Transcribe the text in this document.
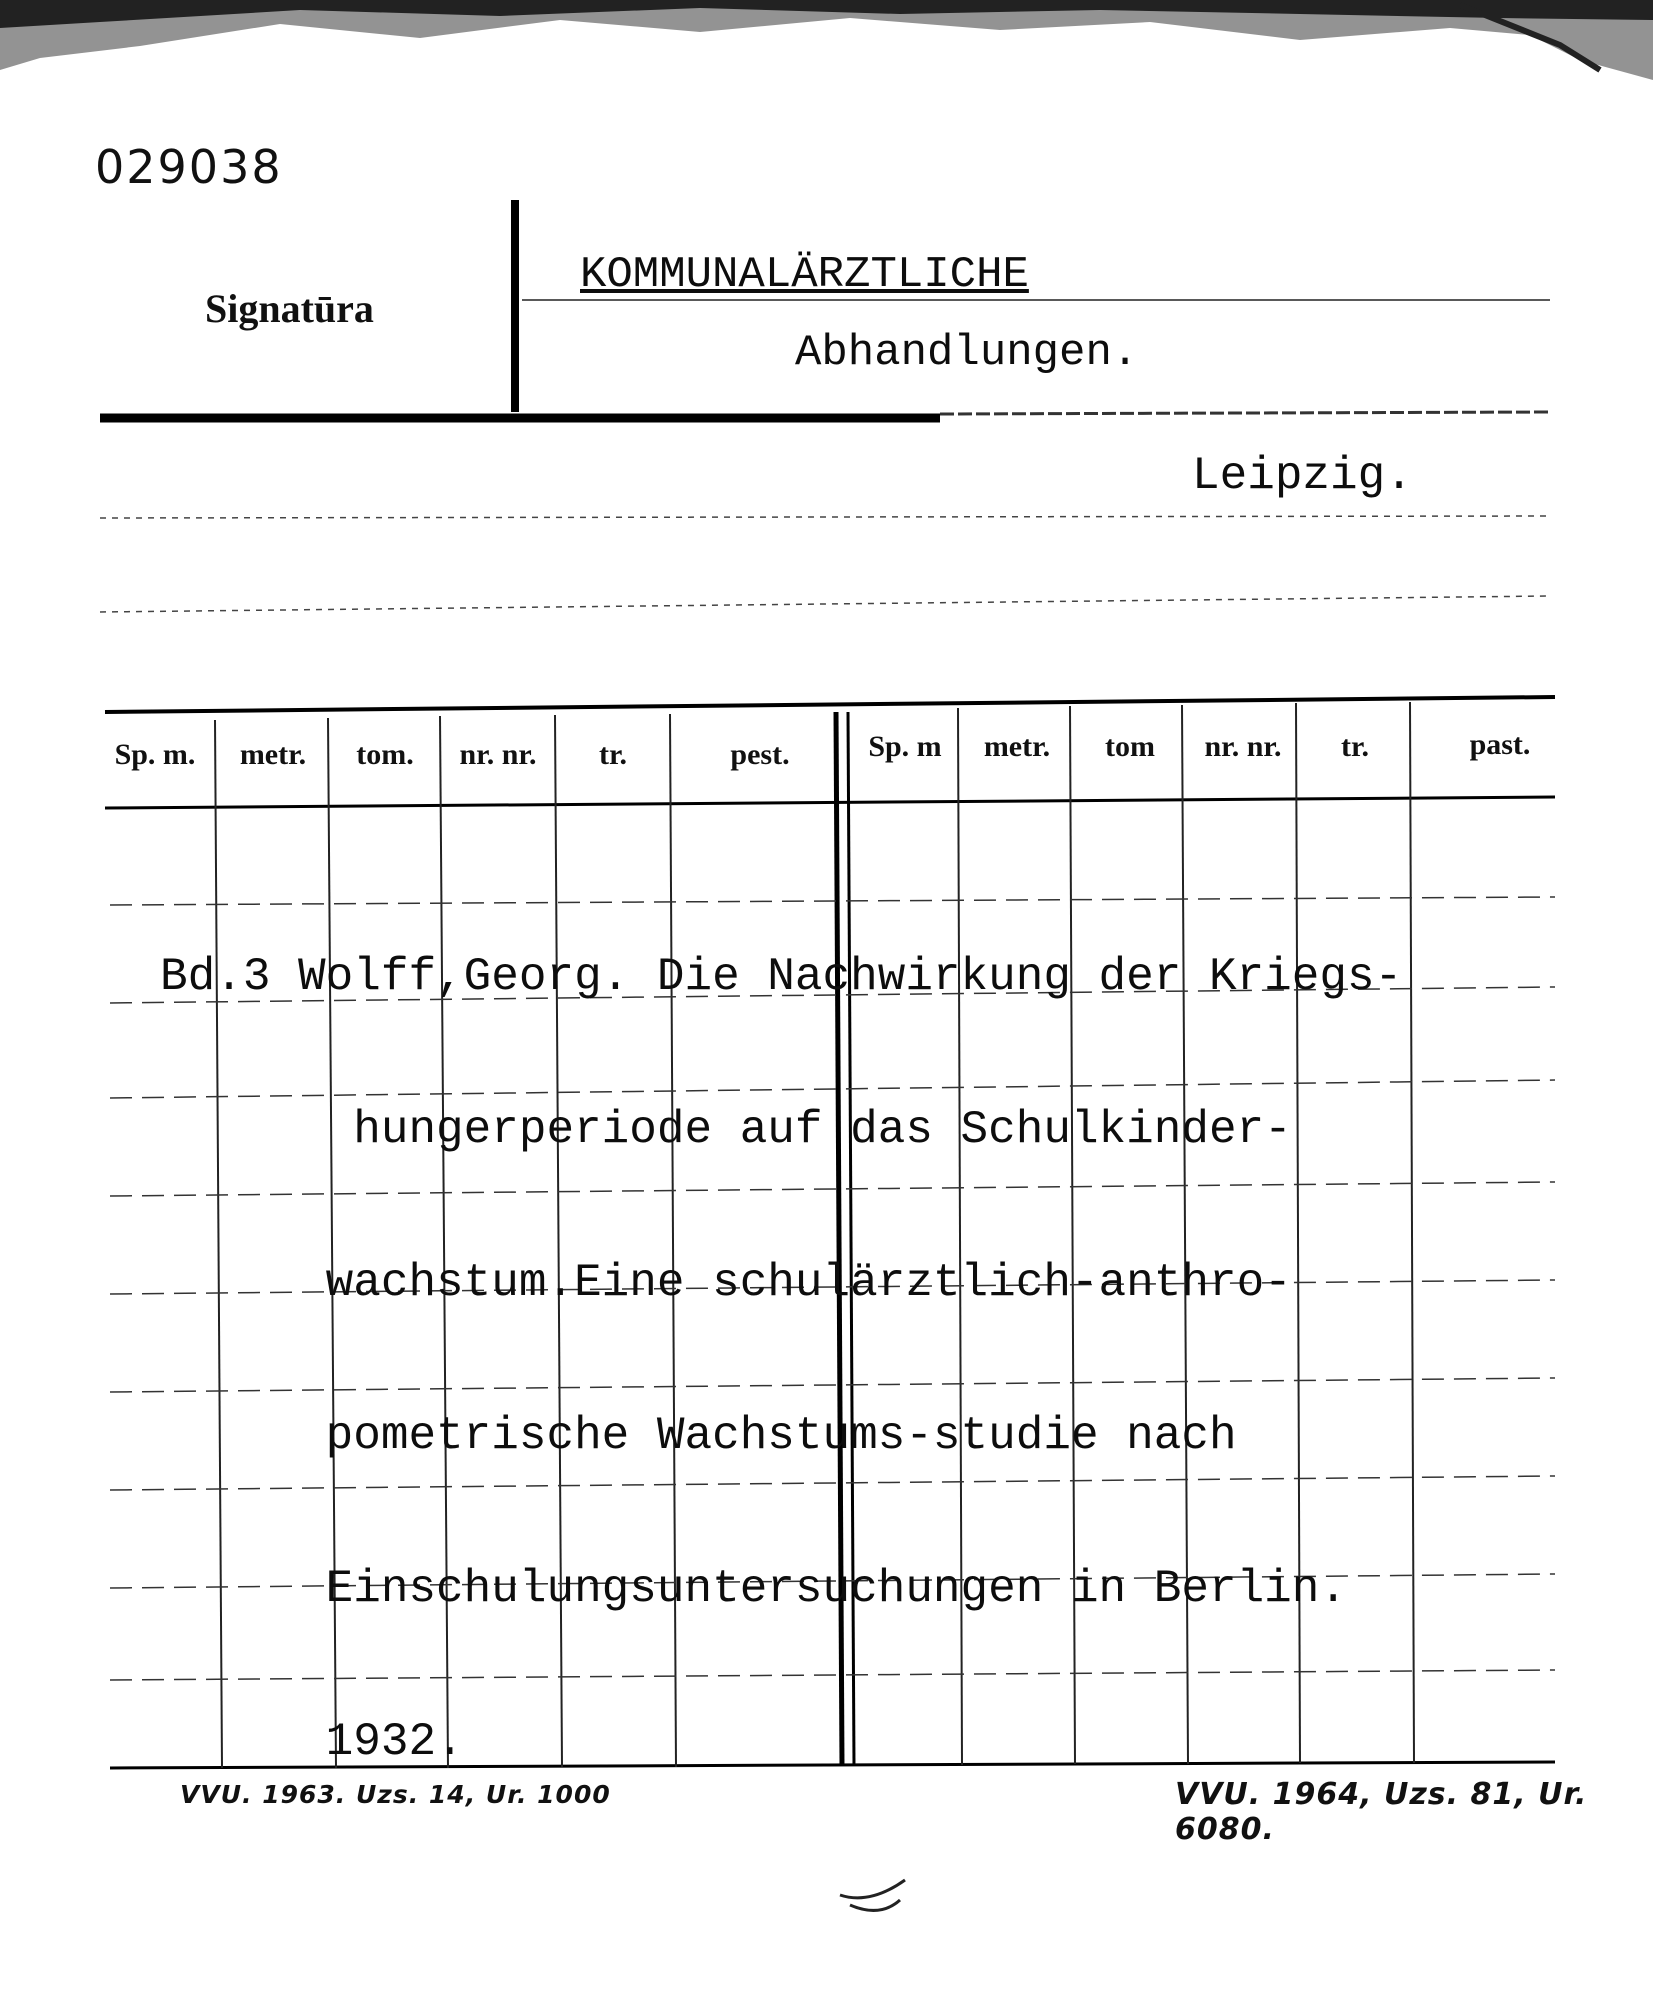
029038
Signatūra
KOMMUNALÄRZTLICHE
Abhandlungen.
Leipzig.
Sp. m.	metr.	tom.	nr. nr.	tr.	pest.	Sp. m	metr.	tom	nr. nr.	tr.	past.

Bd.3 Wolff,Georg. Die Nachwirkung der Kriegs-

hungerperiode auf das Schulkinder-

wachstum.Eine schulärztlich-anthro-

pometrische Wachstums-studie nach

Einschulungsuntersuchungen in Berlin.

1932.

VVU. 1963. Uzs. 14, Ur. 1000	VVU. 1964, Uzs. 81, Ur. 6080.
